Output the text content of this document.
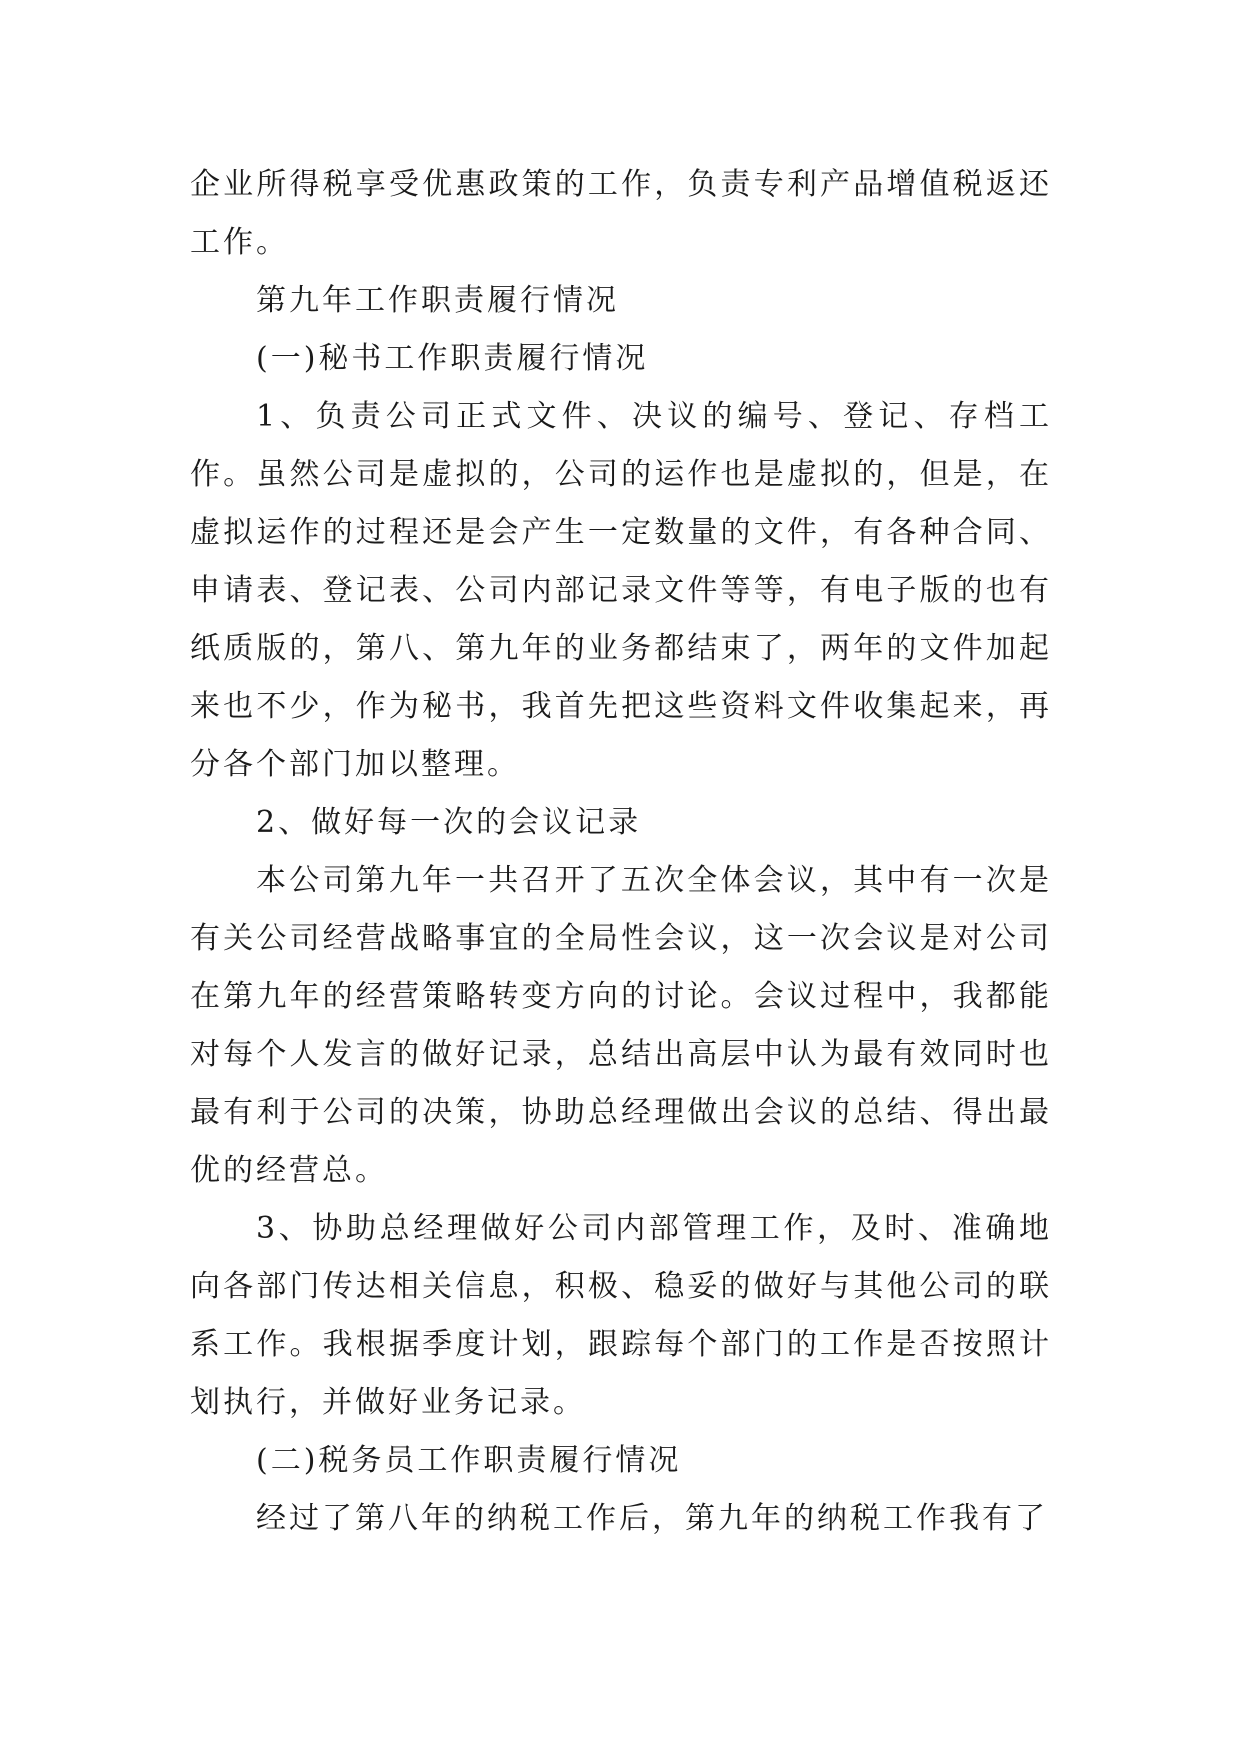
企业所得税享受优惠政策的工作，负责专利产品增值税返还工作。

第九年工作职责履行情况

(一)秘书工作职责履行情况

1、负责公司正式文件、决议的编号、登记、存档工作。虽然公司是虚拟的，公司的运作也是虚拟的，但是，在虚拟运作的过程还是会产生一定数量的文件，有各种合同、申请表、登记表、公司内部记录文件等等，有电子版的也有纸质版的，第八、第九年的业务都结束了，两年的文件加起来也不少，作为秘书，我首先把这些资料文件收集起来，再分各个部门加以整理。

2、做好每一次的会议记录

本公司第九年一共召开了五次全体会议，其中有一次是有关公司经营战略事宜的全局性会议，这一次会议是对公司在第九年的经营策略转变方向的讨论。会议过程中，我都能对每个人发言的做好记录，总结出高层中认为最有效同时也最有利于公司的决策，协助总经理做出会议的总结、得出最优的经营总。

3、协助总经理做好公司内部管理工作，及时、准确地向各部门传达相关信息，积极、稳妥的做好与其他公司的联系工作。我根据季度计划，跟踪每个部门的工作是否按照计划执行，并做好业务记录。

(二)税务员工作职责履行情况

经过了第八年的纳税工作后，第九年的纳税工作我有了
